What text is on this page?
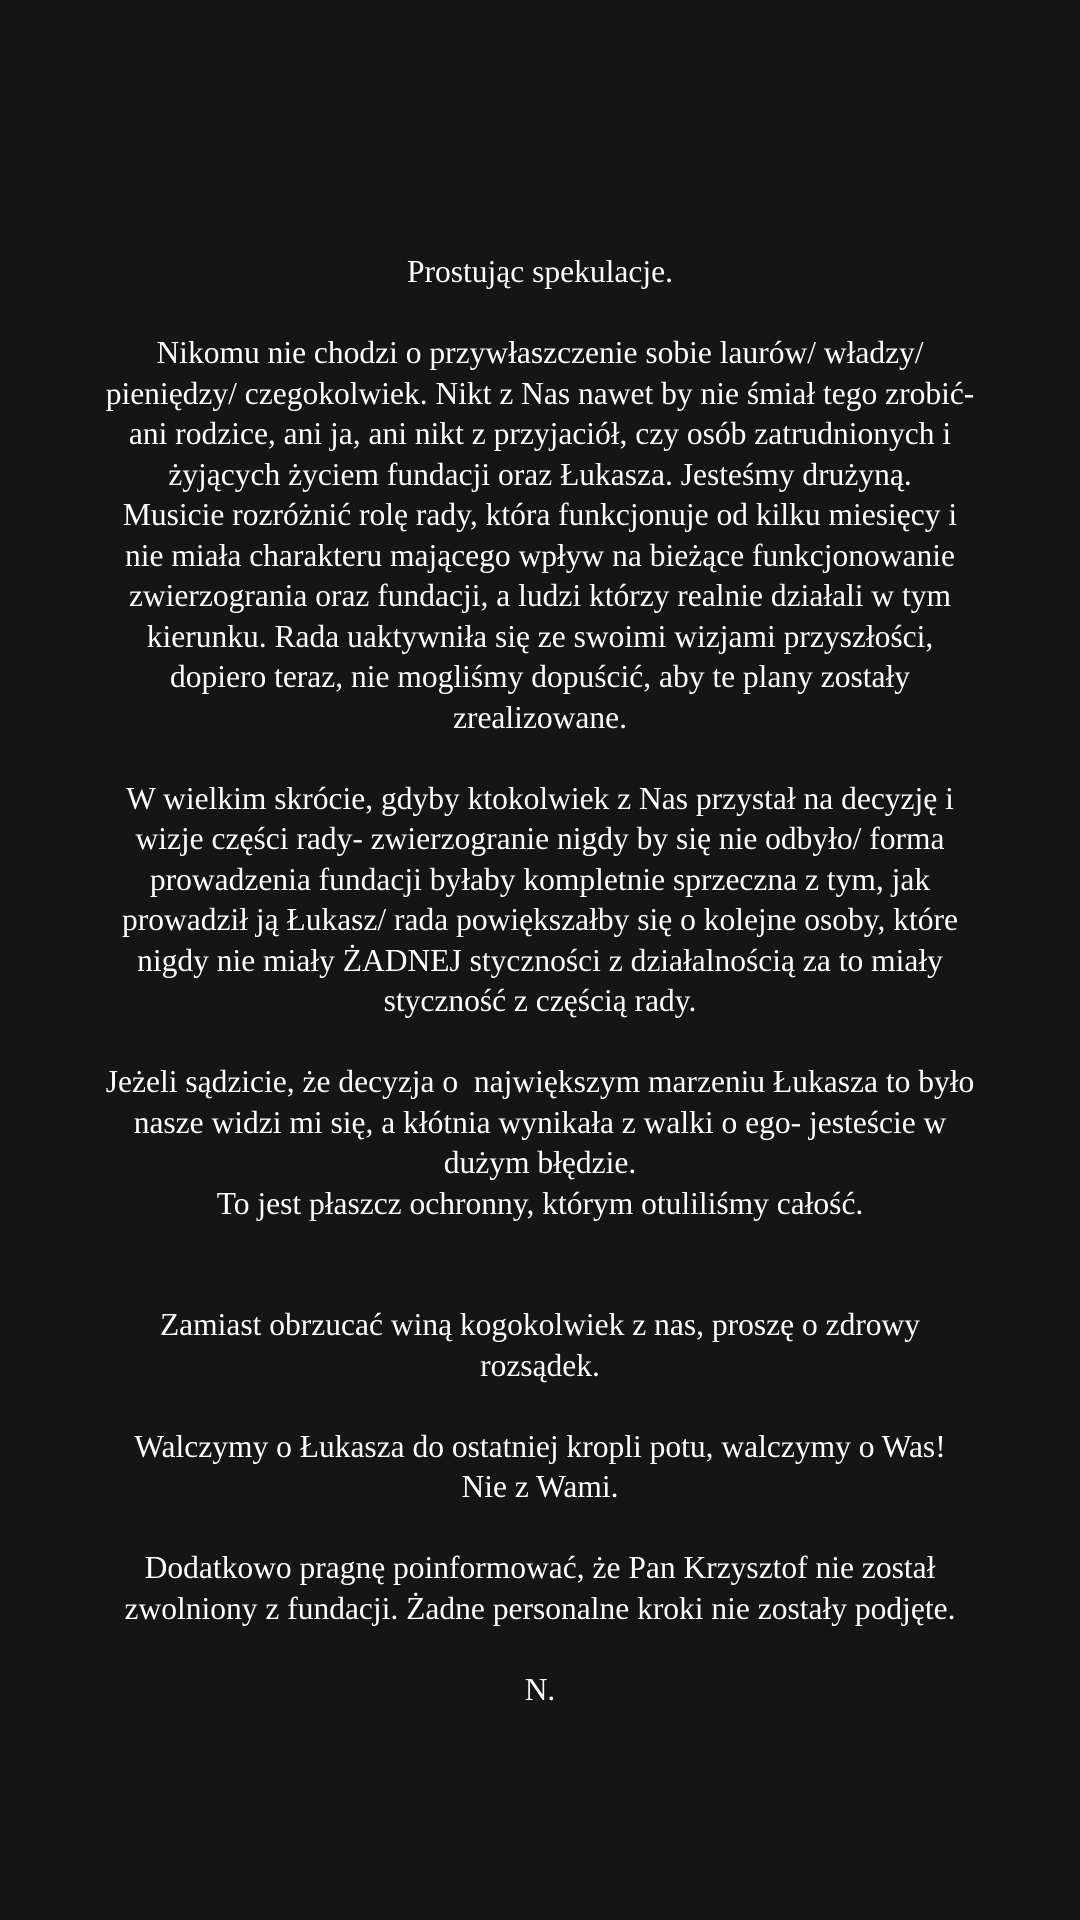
Prostując spekulacje.
Nikomu nie chodzi o przywłaszczenie sobie laurów/ władzy/
pieniędzy/ czegokolwiek. Nikt z Nas nawet by nie śmiał tego zrobić-
ani rodzice, ani ja, ani nikt z przyjaciół, czy osób zatrudnionych i
żyjących życiem fundacji oraz Łukasza. Jesteśmy drużyną.
Musicie rozróżnić rolę rady, która funkcjonuje od kilku miesięcy i
nie miała charakteru mającego wpływ na bieżące funkcjonowanie
zwierzogrania oraz fundacji, a ludzi którzy realnie działali w tym
kierunku. Rada uaktywniła się ze swoimi wizjami przyszłości,
dopiero teraz, nie mogliśmy dopuścić, aby te plany zostały
zrealizowane.
W wielkim skrócie, gdyby ktokolwiek z Nas przystał na decyzję i
wizje części rady- zwierzogranie nigdy by się nie odbyło/ forma
prowadzenia fundacji byłaby kompletnie sprzeczna z tym, jak
prowadził ją Łukasz/ rada powiększałby się o kolejne osoby, które
nigdy nie miały ŻADNEJ styczności z działalnością za to miały
styczność z częścią rady.
Jeżeli sądzicie, że decyzja o  największym marzeniu Łukasza to było
nasze widzi mi się, a kłótnia wynikała z walki o ego- jesteście w
dużym błędzie.
To jest płaszcz ochronny, którym otuliliśmy całość.
Zamiast obrzucać winą kogokolwiek z nas, proszę o zdrowy
rozsądek.
Walczymy o Łukasza do ostatniej kropli potu, walczymy o Was!
Nie z Wami.
Dodatkowo pragnę poinformować, że Pan Krzysztof nie został
zwolniony z fundacji. Żadne personalne kroki nie zostały podjęte.
N.
